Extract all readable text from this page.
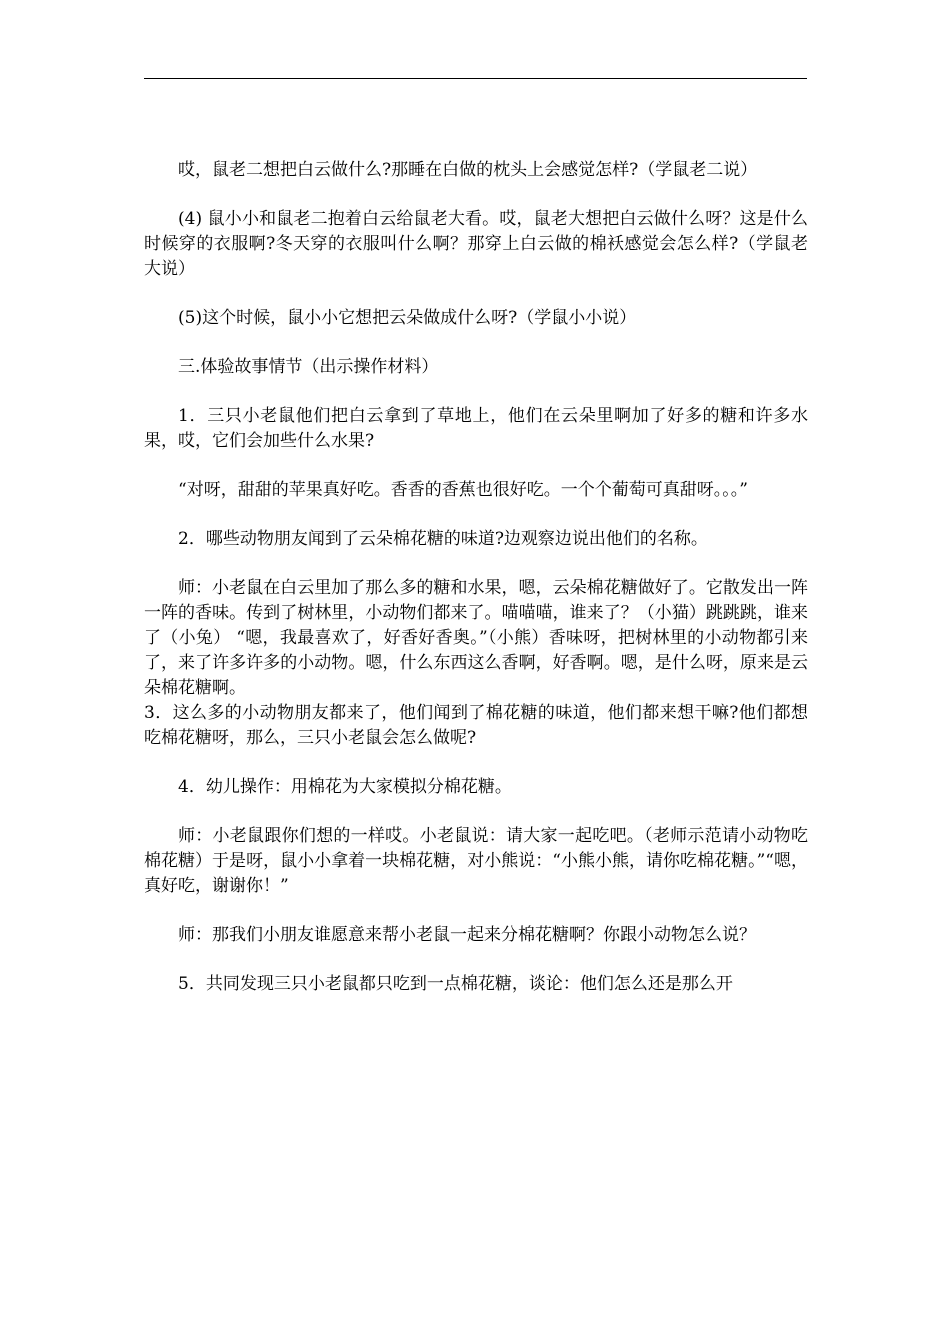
哎，鼠老二想把白云做什么?那睡在白做的枕头上会感觉怎样?（学鼠老二说）

(4) 鼠小小和鼠老二抱着白云给鼠老大看。哎，鼠老大想把白云做什么呀？这是什么时候穿的衣服啊?冬天穿的衣服叫什么啊？那穿上白云做的棉袄感觉会怎么样?（学鼠老大说）

(5)这个时候，鼠小小它想把云朵做成什么呀?（学鼠小小说）

三.体验故事情节（出示操作材料）

1．三只小老鼠他们把白云拿到了草地上，他们在云朵里啊加了好多的糖和许多水果，哎，它们会加些什么水果?

“对呀，甜甜的苹果真好吃。香香的香蕉也很好吃。一个个葡萄可真甜呀。。。”

2．哪些动物朋友闻到了云朵棉花糖的味道?边观察边说出他们的名称。

师：小老鼠在白云里加了那么多的糖和水果，嗯，云朵棉花糖做好了。它散发出一阵一阵的香味。传到了树林里，小动物们都来了。喵喵喵，谁来了？（小猫）跳跳跳，谁来了（小兔） “嗯，我最喜欢了，好香好香奥。”（小熊）香味呀，把树林里的小动物都引来了，来了许多许多的小动物。嗯，什么东西这么香啊，好香啊。嗯，是什么呀，原来是云朵棉花糖啊。

3．这么多的小动物朋友都来了，他们闻到了棉花糖的味道，他们都来想干嘛?他们都想吃棉花糖呀，那么，三只小老鼠会怎么做呢?

4．幼儿操作：用棉花为大家模拟分棉花糖。

师：小老鼠跟你们想的一样哎。小老鼠说：请大家一起吃吧。（老师示范请小动物吃棉花糖）于是呀，鼠小小拿着一块棉花糖，对小熊说：“小熊小熊，请你吃棉花糖。”“嗯，真好吃，谢谢你！”

师：那我们小朋友谁愿意来帮小老鼠一起来分棉花糖啊？你跟小动物怎么说？

5．共同发现三只小老鼠都只吃到一点棉花糖，谈论：他们怎么还是那么开
